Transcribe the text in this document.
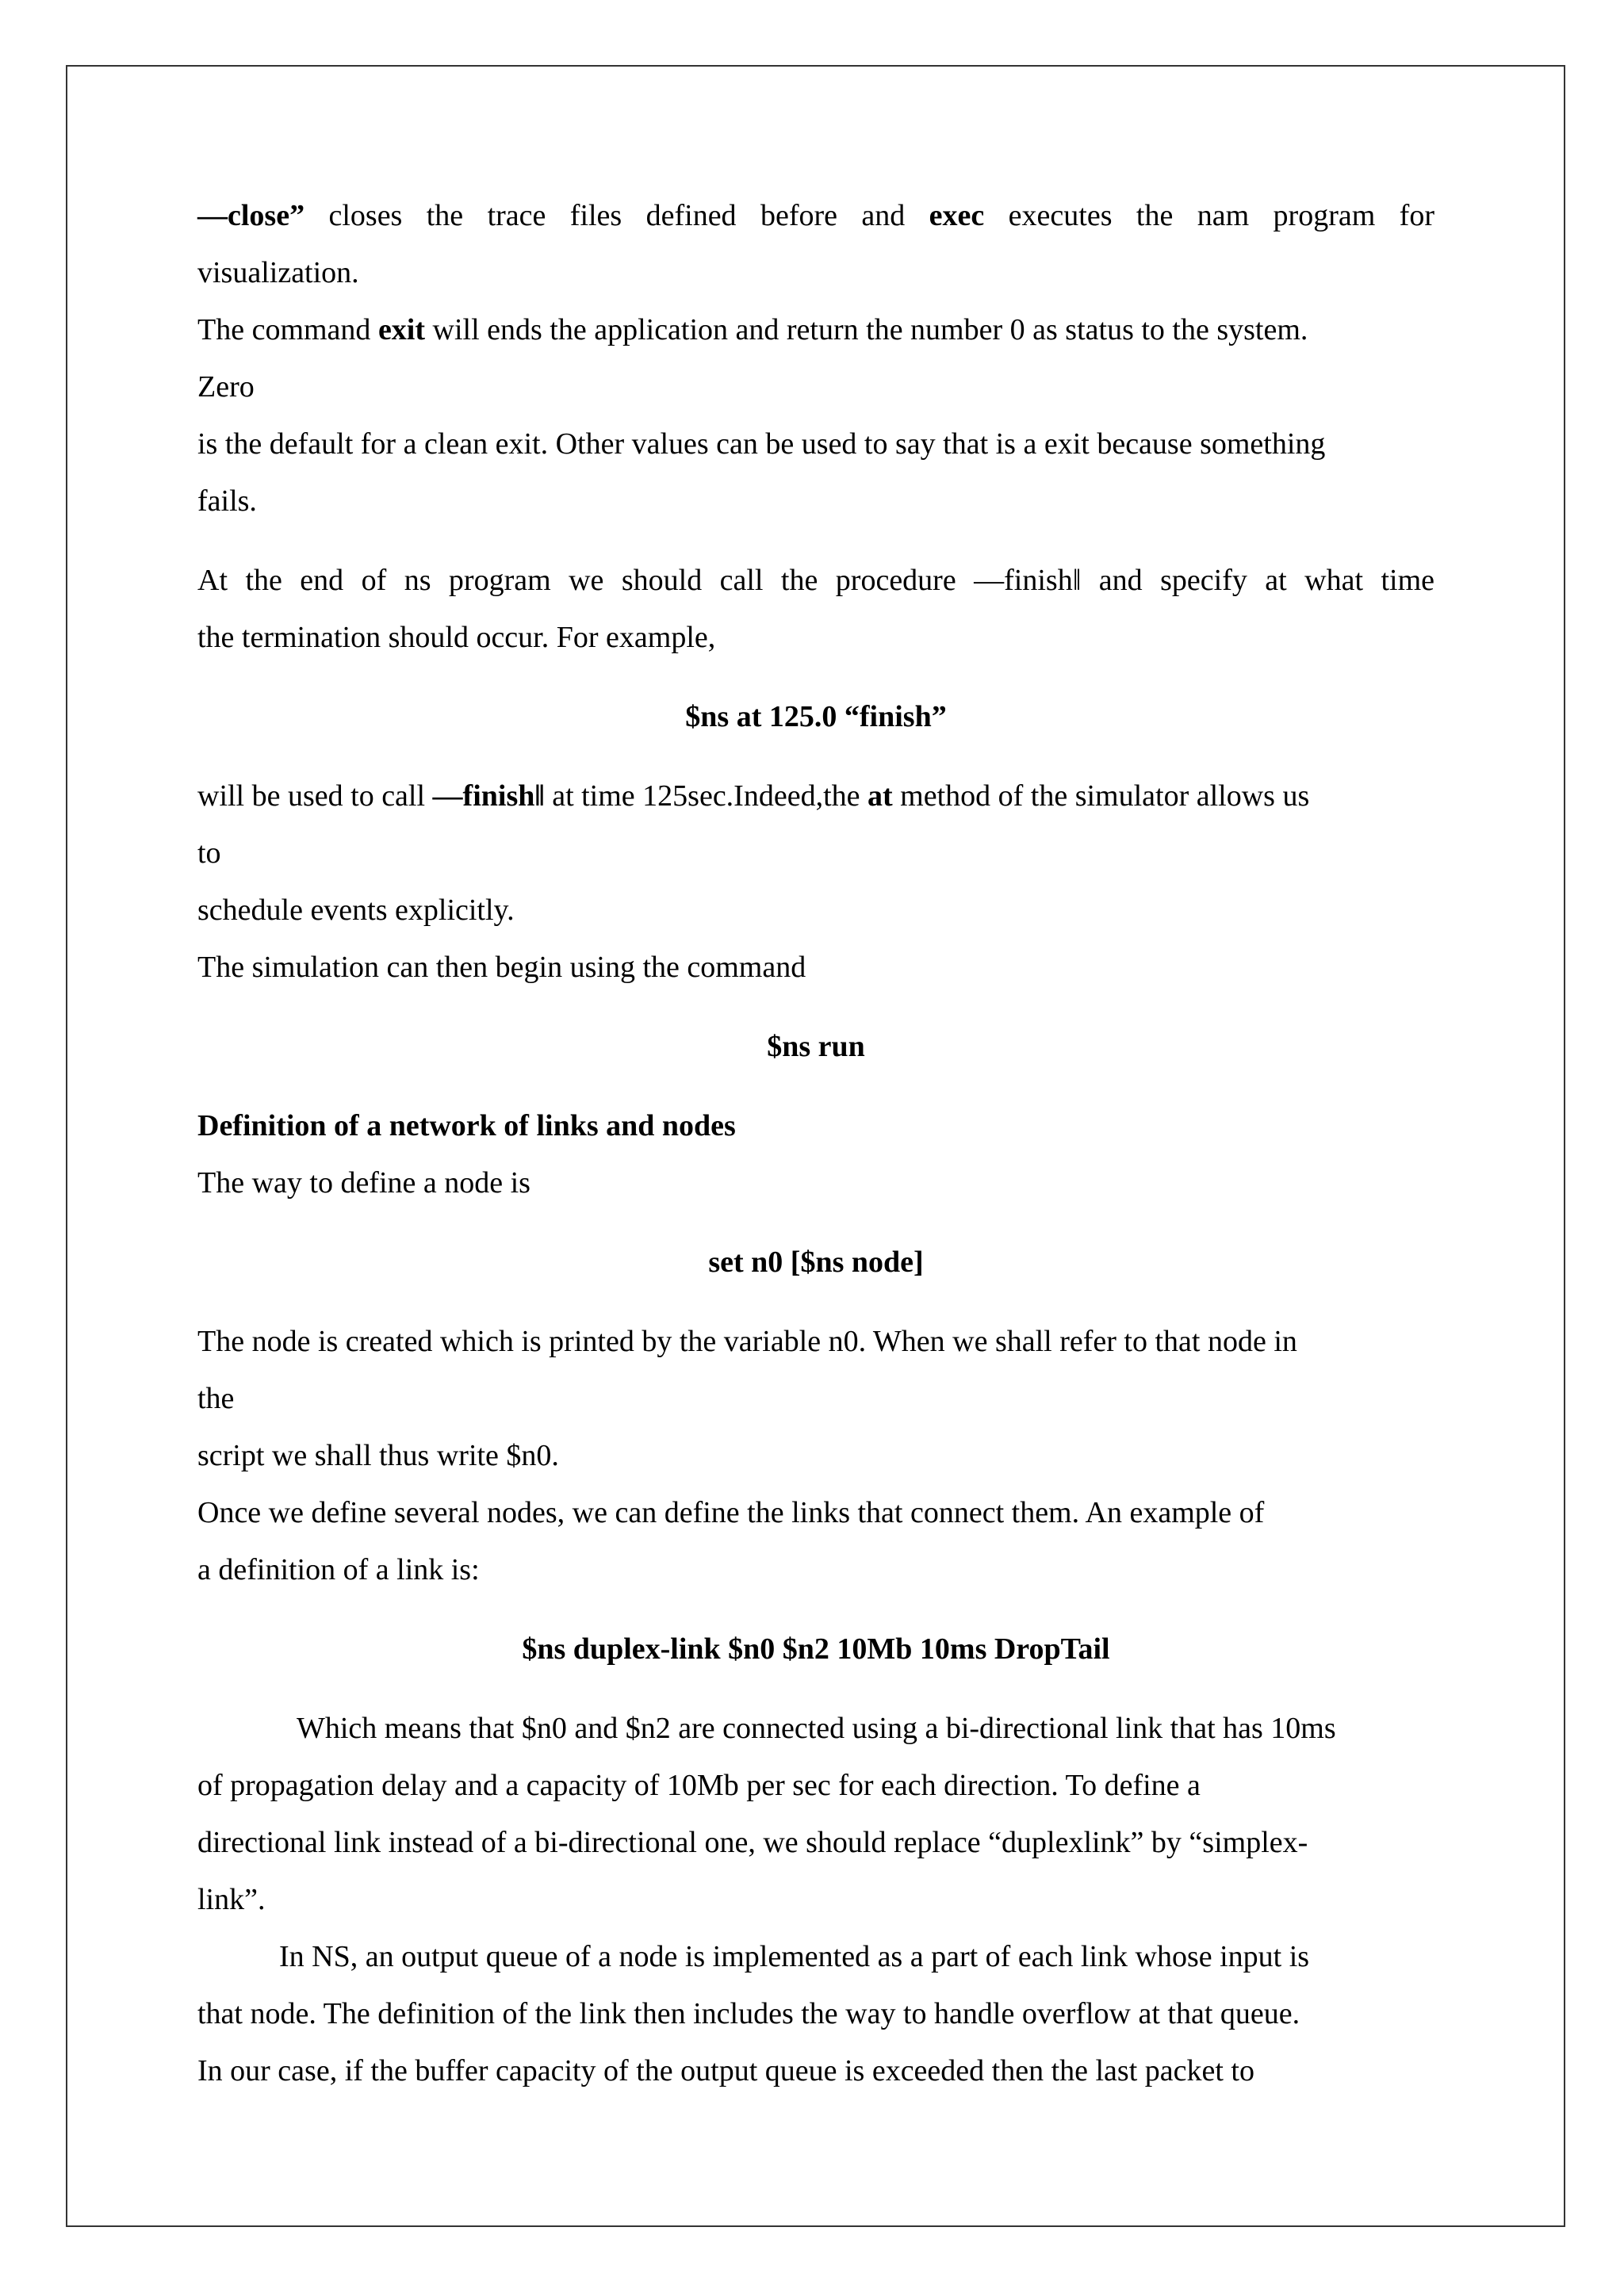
―close” closes the trace files defined before and exec executes the nam program for

visualization.

The command exit will ends the application and return the number 0 as status to the system.

Zero

is the default for a clean exit. Other values can be used to say that is a exit because something

fails.

At the end of ns program we should call the procedure ―finish‖ and specify at what time

the termination should occur. For example,

$ns at 125.0 “finish”

will be used to call ―finish‖ at time 125sec.Indeed,the at method of the simulator allows us

to

schedule events explicitly.

The simulation can then begin using the command

$ns run

Definition of a network of links and nodes

The way to define a node is

set n0 [$ns node]

The node is created which is printed by the variable n0. When we shall refer to that node in

the

script we shall thus write $n0.

Once we define several nodes, we can define the links that connect them. An example of

a definition of a link is:

$ns duplex-link $n0 $n2 10Mb 10ms DropTail

Which means that $n0 and $n2 are connected using a bi-directional link that has 10ms

of propagation delay and a capacity of 10Mb per sec for each direction. To define a

directional link instead of a bi-directional one, we should replace “duplexlink” by “simplex-

link”.

In NS, an output queue of a node is implemented as a part of each link whose input is

that node. The definition of the link then includes the way to handle overflow at that queue.

In our case, if the buffer capacity of the output queue is exceeded then the last packet to
